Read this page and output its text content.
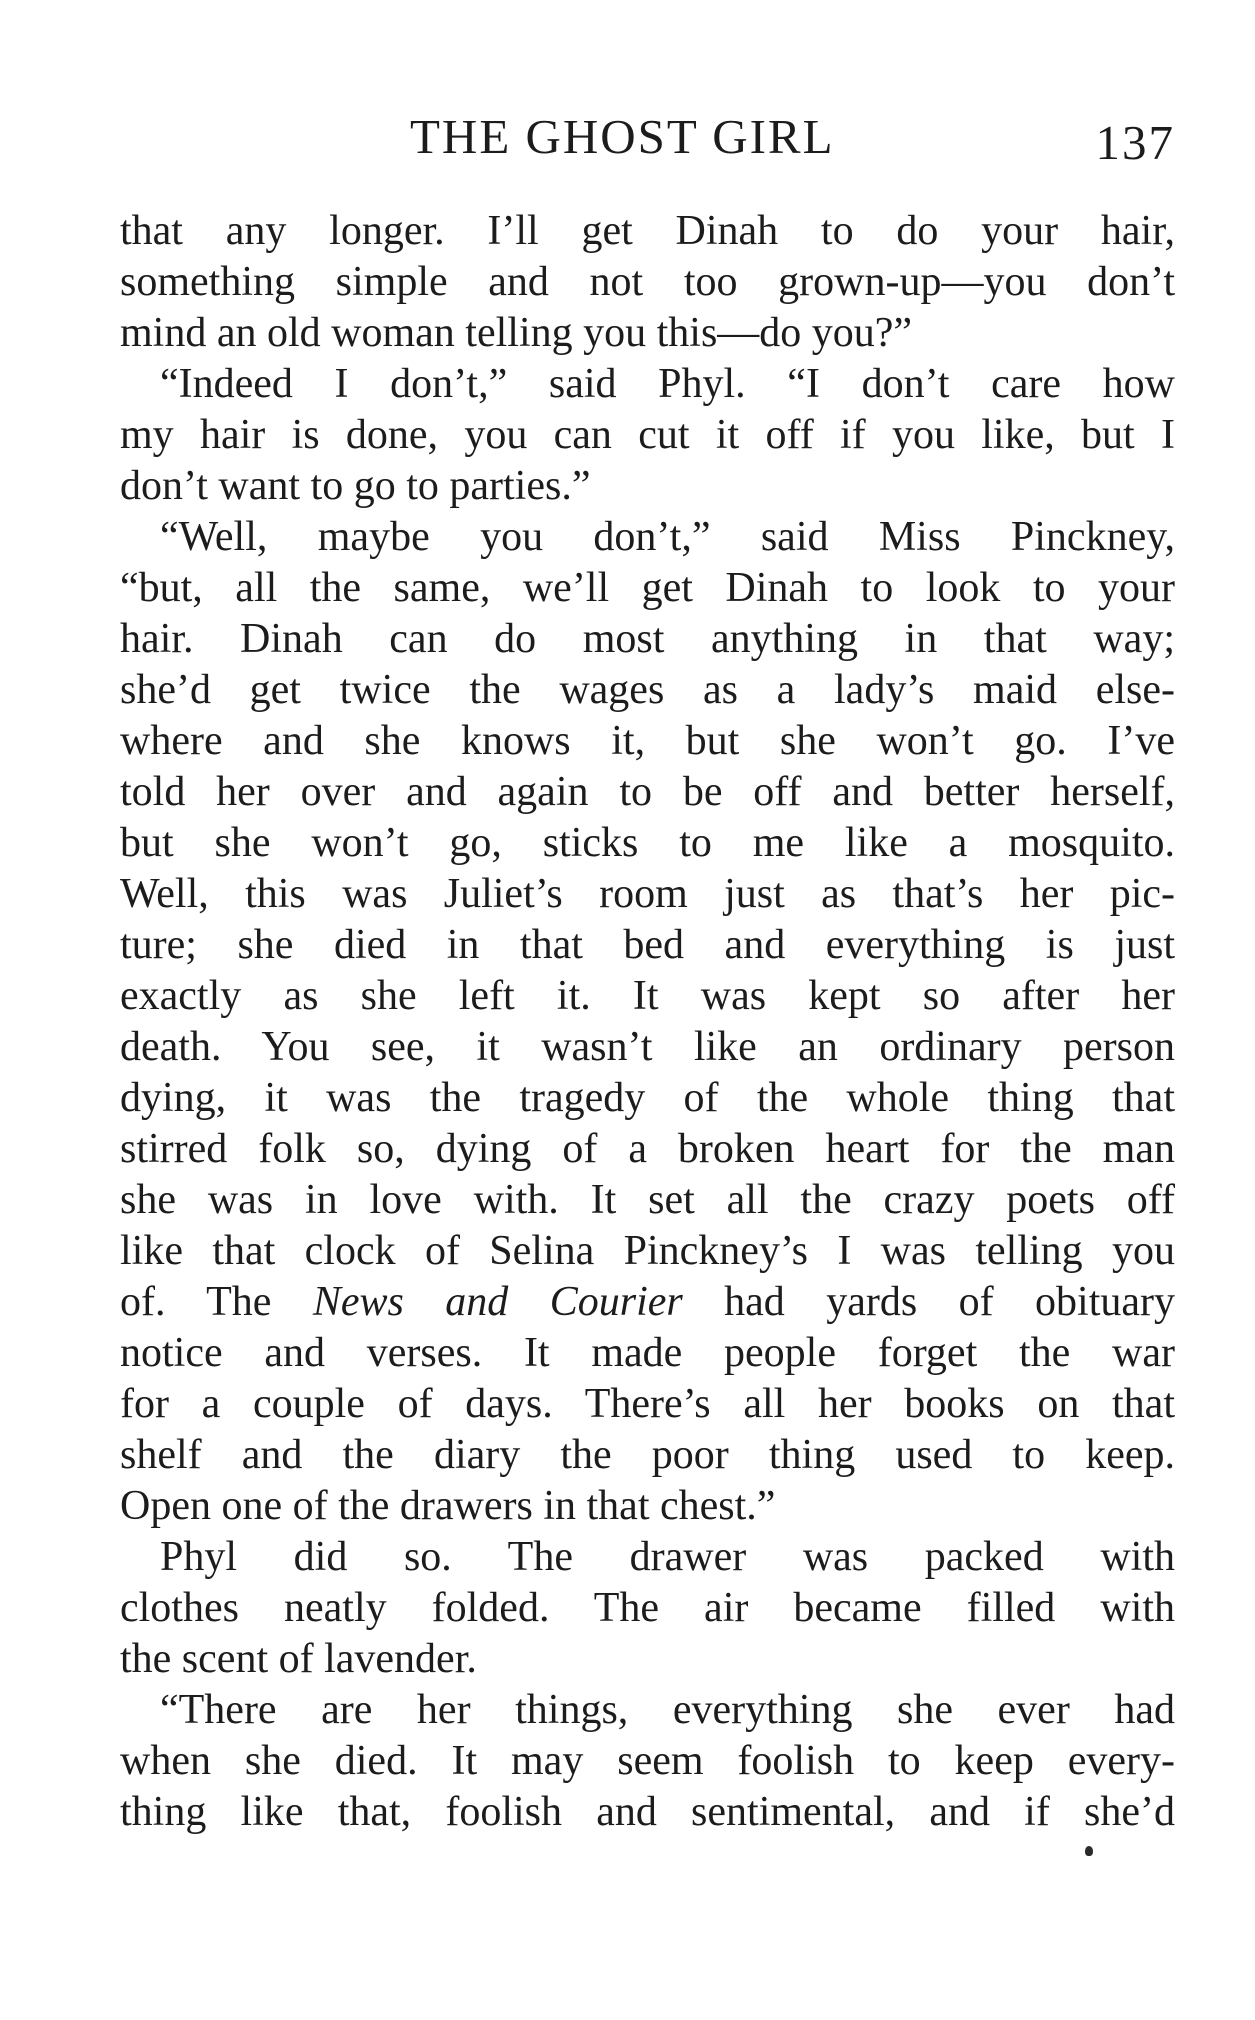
THE GHOST GIRL	137
that any longer. I’ll get Dinah to do your hair,
something simple and not too grown-up—you don’t
mind an old woman telling you this—do you?”
“Indeed I don’t,” said Phyl. “I don’t care how
my hair is done, you can cut it off if you like, but I
don’t want to go to parties.”
“Well, maybe you don’t,” said Miss Pinckney,
“but, all the same, we’ll get Dinah to look to your
hair. Dinah can do most anything in that way;
she’d get twice the wages as a lady’s maid else-
where and she knows it, but she won’t go. I’ve
told her over and again to be off and better herself,
but she won’t go, sticks to me like a mosquito.
Well, this was Juliet’s room just as that’s her pic-
ture; she died in that bed and everything is just
exactly as she left it. It was kept so after her
death. You see, it wasn’t like an ordinary person
dying, it was the tragedy of the whole thing that
stirred folk so, dying of a broken heart for the man
she was in love with. It set all the crazy poets off
like that clock of Selina Pinckney’s I was telling you
of. The News and Courier had yards of obituary
notice and verses. It made people forget the war
for a couple of days. There’s all her books on that
shelf and the diary the poor thing used to keep.
Open one of the drawers in that chest.”
Phyl did so. The drawer was packed with
clothes neatly folded. The air became filled with
the scent of lavender.
“There are her things, everything she ever had
when she died. It may seem foolish to keep every-
thing like that, foolish and sentimental, and if she’d
